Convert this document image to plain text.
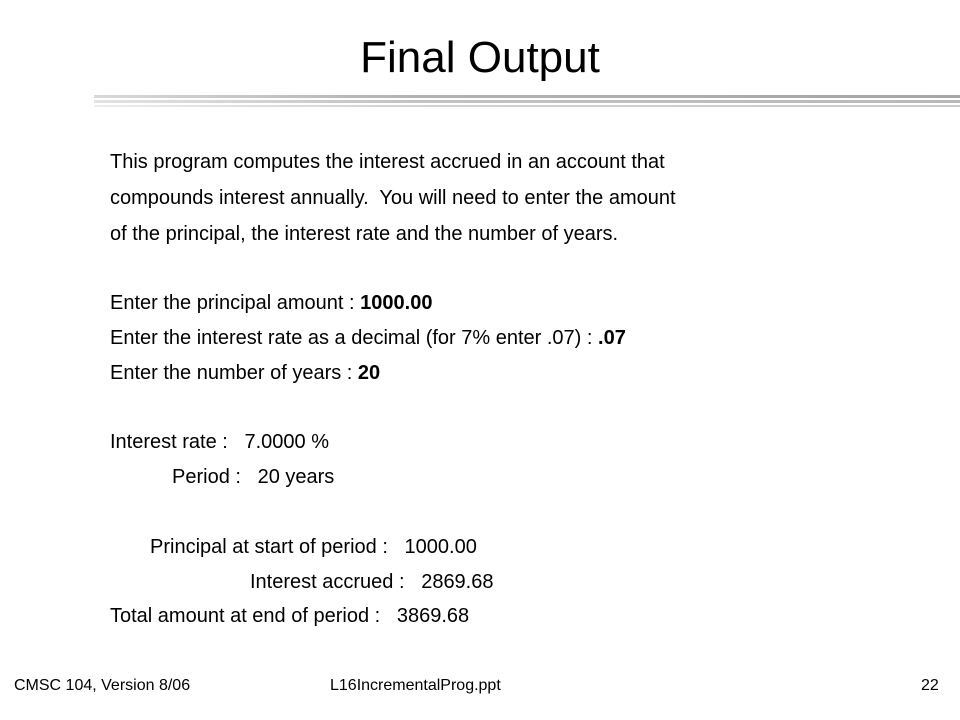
Final Output
This program computes the interest accrued in an account that
compounds interest annually.  You will need to enter the amount
of the principal, the interest rate and the number of years.
Enter the principal amount : 1000.00
Enter the interest rate as a decimal (for 7% enter .07) : .07
Enter the number of years : 20
Interest rate :   7.0000 %
Period :   20 years
Principal at start of period :   1000.00
Interest accrued :   2869.68
Total amount at end of period :   3869.68
CMSC 104, Version 8/06	L16IncrementalProg.ppt	22
